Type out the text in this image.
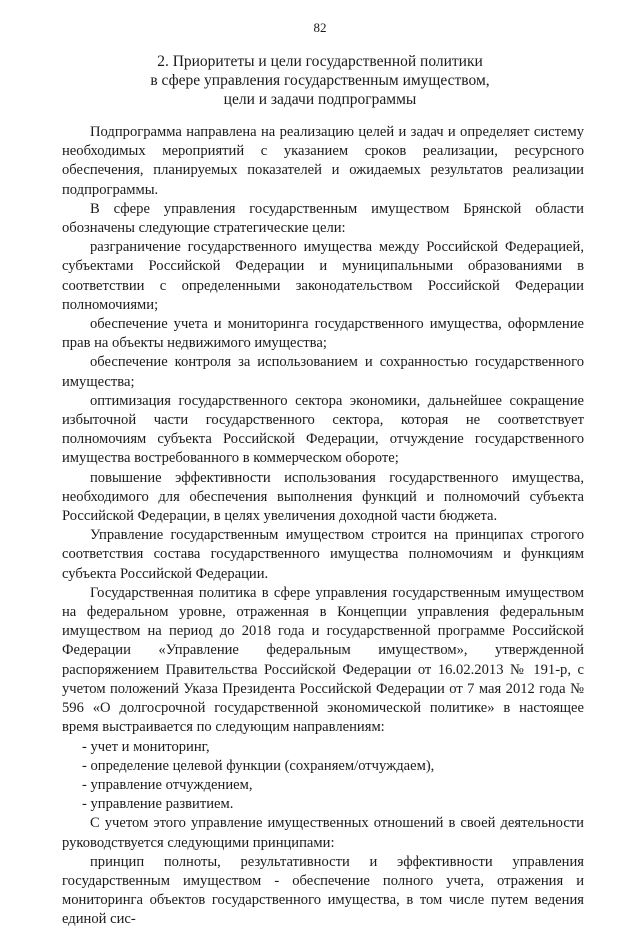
82
2. Приоритеты и цели государственной политики
в сфере управления государственным имуществом,
цели и задачи подпрограммы

Подпрограмма направлена на реализацию целей и задач и определяет систему необходимых мероприятий с указанием сроков реализации, ресурсного обеспечения, планируемых показателей и ожидаемых результатов реализации подпрограммы.

В сфере управления государственным имуществом Брянской области обозначены следующие стратегические цели:

разграничение государственного имущества между Российской Федерацией, субъектами Российской Федерации и муниципальными образованиями в соответствии с определенными законодательством Российской Федерации полномочиями;

обеспечение учета и мониторинга государственного имущества, оформление прав на объекты недвижимого имущества;

обеспечение контроля за использованием и сохранностью государственного имущества;

оптимизация государственного сектора экономики, дальнейшее сокращение избыточной части государственного сектора, которая не соответствует полномочиям субъекта Российской Федерации, отчуждение государственного имущества востребованного в коммерческом обороте;

повышение эффективности использования государственного имущества, необходимого для обеспечения выполнения функций и полномочий субъекта Российской Федерации, в целях увеличения доходной части бюджета.

Управление государственным имуществом строится на принципах строгого соответствия состава государственного имущества полномочиям и функциям субъекта Российской Федерации.

Государственная политика в сфере управления государственным имуществом на федеральном уровне, отраженная в Концепции управления федеральным имуществом на период до 2018 года и государственной программе Российской Федерации «Управление федеральным имуществом», утвержденной распоряжением Правительства Российской Федерации от 16.02.2013 № 191-р, с учетом положений Указа Президента Российской Федерации от 7 мая 2012 года № 596 «О долгосрочной государственной экономической политике» в настоящее время выстраивается по следующим направлениям:

- учет и мониторинг,

- определение целевой функции (сохраняем/отчуждаем),

- управление отчуждением,

- управление развитием.

С учетом этого управление имущественных отношений в своей деятельности руководствуется следующими принципами:

принцип полноты, результативности и эффективности управления государственным имуществом - обеспечение полного учета, отражения и мониторинга объектов государственного имущества, в том числе путем ведения единой сис-
